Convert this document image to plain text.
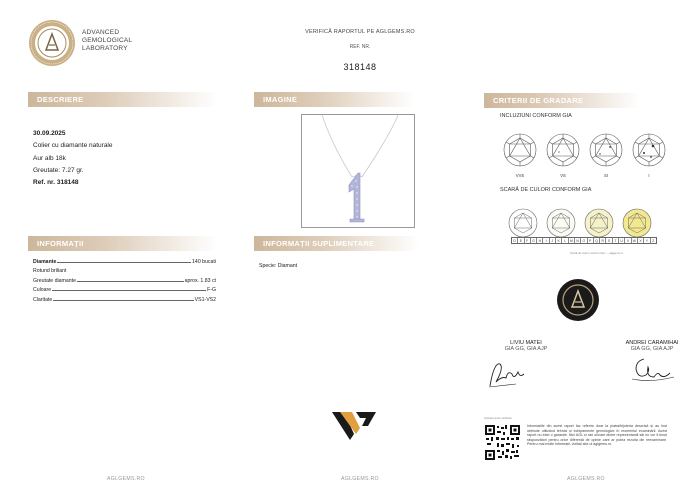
ADVANCED
GEMOLOGICAL
LABORATORY
VERIFICĂ RAPORTUL PE AGLGEMS.RO
REF. NR.
318148
DESCRIERE	IMAGINE	CRITERII DE GRADARE
INFORMAȚII	INFORMAȚII SUPLIMENTARE
30.09.2025
Colier cu diamante naturale
Aur alb 18k
Greutate: 7.27 gr.
Ref. nr. 318148
Diamante	140 bucati
Rotund briliant
Greutate diamante	aprox. 1.83 ct
Culoare	F-G
Claritate	VS1-VS2
Specie: Diamant
INCLUZIUNI CONFORM GIA
VVS	VS	SI	I
SCARĂ DE CULORI CONFORM GIA
D	E	F	G	H	I	J	K	L	M	N	O	P	Q	R	S	T	U	V W X	Y	Z
Scară de culori conform GIA — aglgems.ro
LIVIU MATEI
GIA GG, GIA AJP
ANDREI CARAMIHAI
GIA GG, GIA AJP
Scanați pentru verificare
Informațiile din acest raport fac referire doar la piatra/bijuteria descrisă și au fost obținute utilizând tehnici și echipamente gemologice în momentul examinării. Acest raport nu este o garanție. Nici AGL și nici oricare dintre reprezentanții săi nu vor fi ținuți răspunzători pentru orice diferență de opinie care ar putea rezulta din reexaminare. Pentru mai multe informații, vizitați site-ul aglgems.ro.
AGLGEMS.RO	AGLGEMS.RO	AGLGEMS.RO
